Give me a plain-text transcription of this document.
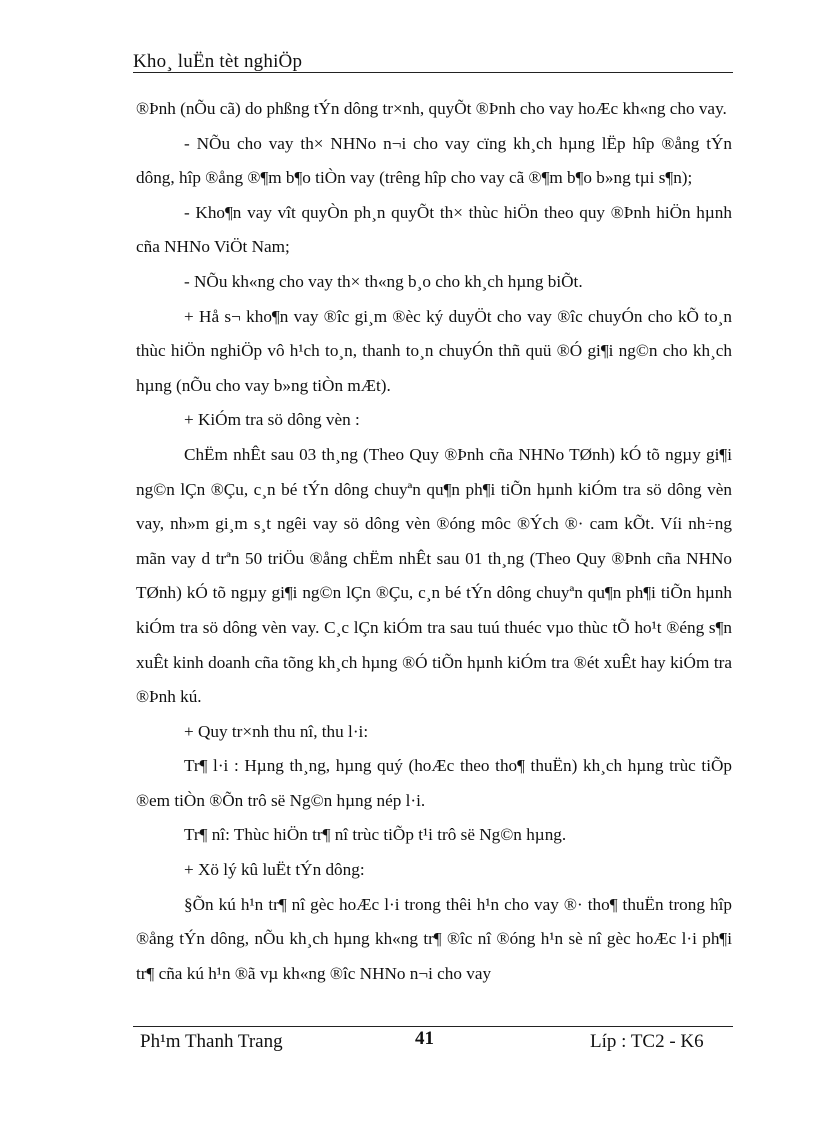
Kho¸ luËn tèt nghiÖp

®Þnh (nÕu cã) do phßng tÝn dông tr×nh, quyÕt ®Þnh cho vay hoÆc kh«ng cho vay.

- NÕu cho vay th× NHNo n¬i cho vay cïng kh¸ch hµng lËp hîp ®ång tÝn dông, hîp ®ång ®¶m b¶o tiÒn vay (trêng hîp cho vay cã ®¶m b¶o b»ng tµi s¶n);

- Kho¶n vay vît quyÒn ph¸n quyÕt th× thùc hiÖn theo quy ®Þnh hiÖn hµnh cña NHNo ViÖt Nam;

- NÕu kh«ng cho vay th× th«ng b¸o cho kh¸ch hµng biÕt.

+ Hå s¬ kho¶n vay ®îc gi¸m ®èc ký duyÖt cho vay ®îc chuyÓn cho kÕ to¸n thùc hiÖn nghiÖp vô h¹ch to¸n, thanh to¸n chuyÓn thñ quü ®Ó gi¶i ng©n cho kh¸ch hµng (nÕu cho vay b»ng tiÒn mÆt).

+ KiÓm tra sö dông vèn :

ChËm nhÊt sau 03 th¸ng (Theo Quy ®Þnh cña NHNo TØnh) kÓ tõ ngµy gi¶i ng©n lÇn ®Çu, c¸n bé tÝn dông chuyªn qu¶n ph¶i tiÕn hµnh kiÓm tra sö dông vèn vay, nh»m gi¸m s¸t ngêi vay sö dông vèn ®óng môc ®Ých ®· cam kÕt. Víi nh÷ng mãn vay d trªn 50 triÖu ®ång chËm nhÊt sau 01 th¸ng (Theo Quy ®Þnh cña NHNo TØnh) kÓ tõ ngµy gi¶i ng©n lÇn ®Çu, c¸n bé tÝn dông chuyªn qu¶n ph¶i tiÕn hµnh kiÓm tra sö dông vèn vay. C¸c lÇn kiÓm tra sau tuú thuéc vµo thùc tÕ ho¹t ®éng s¶n xuÊt kinh doanh cña tõng kh¸ch hµng ®Ó tiÕn hµnh kiÓm tra ®ét xuÊt hay kiÓm tra ®Þnh kú.

+ Quy tr×nh thu nî, thu l·i:

Tr¶ l·i : Hµng th¸ng, hµng quý (hoÆc theo tho¶ thuËn) kh¸ch hµng trùc tiÕp ®em tiÒn ®Õn trô së Ng©n hµng nép l·i.

Tr¶ nî: Thùc hiÖn tr¶ nî trùc tiÕp t¹i trô së Ng©n hµng.

+ Xö lý kû luËt tÝn dông:

§Õn kú h¹n tr¶ nî gèc hoÆc l·i trong thêi h¹n cho vay ®· tho¶ thuËn trong hîp ®ång tÝn dông, nÕu kh¸ch hµng kh«ng tr¶ ®îc nî ®óng h¹n sè nî gèc hoÆc l·i ph¶i tr¶ cña kú h¹n ®ã vµ kh«ng ®îc NHNo n¬i cho vay

Ph¹m Thanh Trang	41	Líp : TC2 - K6
